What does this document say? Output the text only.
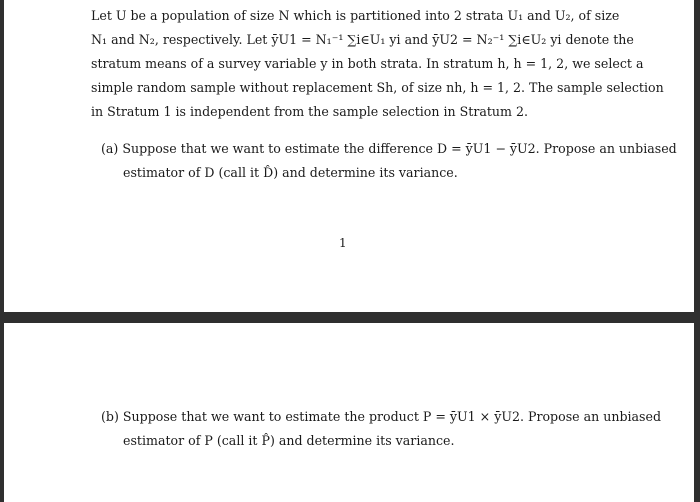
Let U be a population of size N which is partitioned into 2 strata U₁ and U₂, of size
N₁ and N₂, respectively. Let ȳU1 = N₁⁻¹ ∑i∈U₁ yi and ȳU2 = N₂⁻¹ ∑i∈U₂ yi denote the
stratum means of a survey variable y in both strata. In stratum h, h = 1, 2, we select a
simple random sample without replacement Sh, of size nh, h = 1, 2. The sample selection
in Stratum 1 is independent from the sample selection in Stratum 2.
(a) Suppose that we want to estimate the difference D = ȳU1 − ȳU2. Propose an unbiased
estimator of D (call it D̂) and determine its variance.
1
(b) Suppose that we want to estimate the product P = ȳU1 × ȳU2. Propose an unbiased
estimator of P (call it P̂) and determine its variance.
